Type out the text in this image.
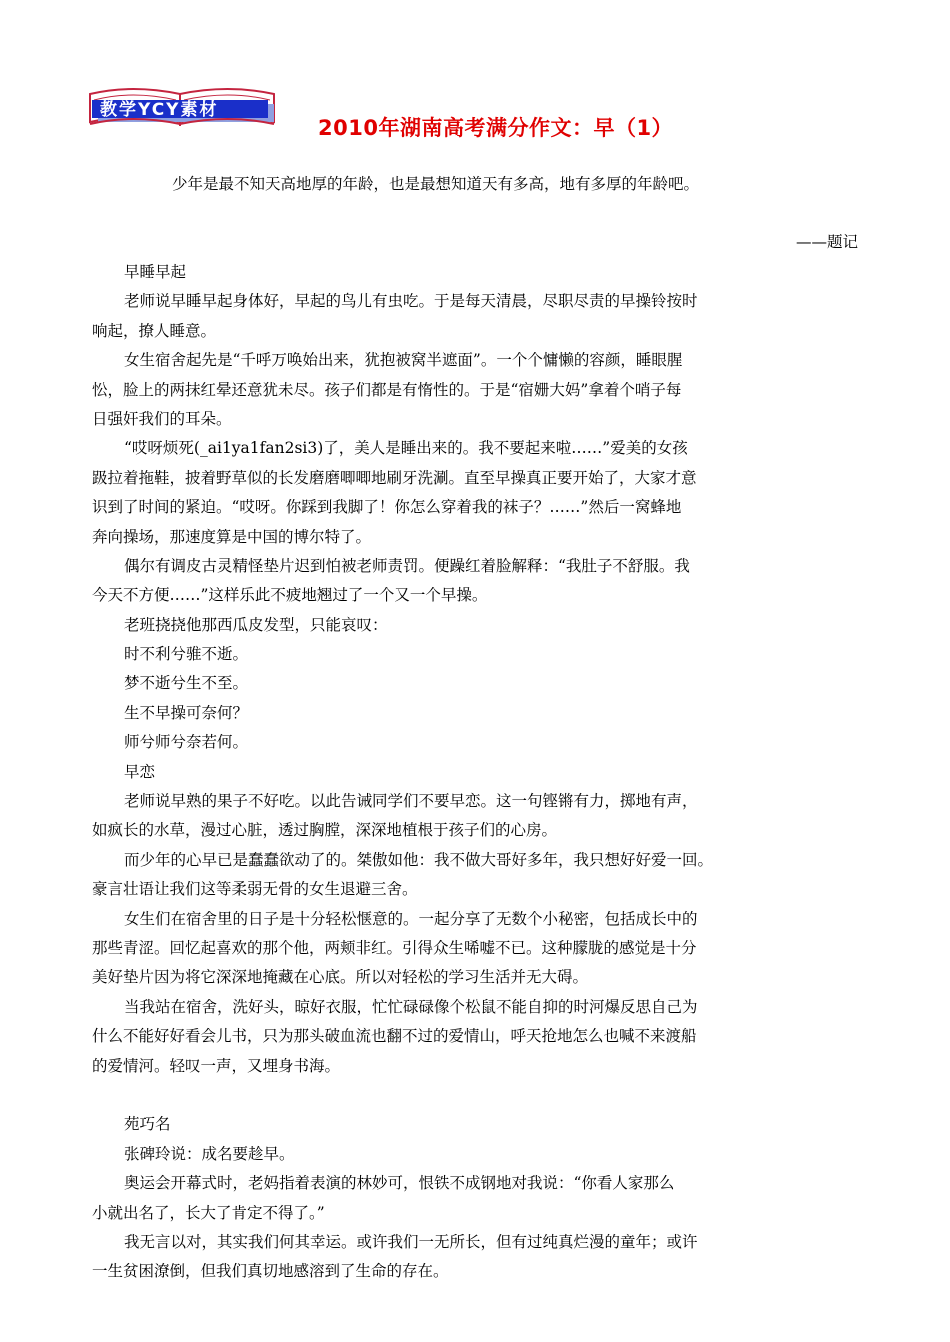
教学YCY素材
2010年湖南高考满分作文：早（1）
少年是最不知天高地厚的年龄，也是最想知道天有多高，地有多厚的年龄吧。
——题记
早睡早起
老师说早睡早起身体好，早起的鸟儿有虫吃。于是每天清晨，尽职尽责的早操铃按时
响起，撩人睡意。
女生宿舍起先是“千呼万唤始出来，犹抱被窝半遮面”。一个个慵懒的容颜，睡眼腥
忪，脸上的两抹红晕还意犹未尽。孩子们都是有惰性的。于是“宿姗大妈”拿着个哨子每
日强奸我们的耳朵。
“哎呀烦死(_ai1ya1fan2si3)了，美人是睡出来的。我不要起来啦……”爱美的女孩
趿拉着拖鞋，披着野草似的长发磨磨唧唧地刷牙洗涮。直至早操真正要开始了，大家才意
识到了时间的紧迫。“哎呀。你踩到我脚了！你怎么穿着我的袜子？……”然后一窝蜂地
奔向操场，那速度算是中国的博尔特了。
偶尔有调皮古灵精怪垫片迟到怕被老师责罚。便躁红着脸解释：“我肚子不舒服。我
今天不方便……”这样乐此不疲地翘过了一个又一个早操。
老班挠挠他那西瓜皮发型，只能哀叹：
时不利兮骓不逝。
梦不逝兮生不至。
生不早操可奈何？
师兮师兮奈若何。
早恋
老师说早熟的果子不好吃。以此告诫同学们不要早恋。这一句铿锵有力，掷地有声，
如疯长的水草，漫过心脏，透过胸膛，深深地植根于孩子们的心房。
而少年的心早已是蠢蠢欲动了的。桀傲如他：我不做大哥好多年，我只想好好爱一回。
豪言壮语让我们这等柔弱无骨的女生退避三舍。
女生们在宿舍里的日子是十分轻松惬意的。一起分享了无数个小秘密，包括成长中的
那些青涩。回忆起喜欢的那个他，两颊非红。引得众生唏嘘不已。这种朦胧的感觉是十分
美好垫片因为将它深深地掩藏在心底。所以对轻松的学习生活并无大碍。
当我站在宿舍，洗好头，晾好衣服，忙忙碌碌像个松鼠不能自抑的时河爆反思自己为
什么不能好好看会儿书，只为那头破血流也翻不过的爱情山，呼天抢地怎么也喊不来渡船
的爱情河。轻叹一声，又埋身书海。
苑巧名
张碑玲说：成名要趁早。
奥运会开幕式时，老妈指着表演的林妙可，恨铁不成钢地对我说：“你看人家那么
小就出名了，长大了肯定不得了。”
我无言以对，其实我们何其幸运。或许我们一无所长，但有过纯真烂漫的童年；或许
一生贫困潦倒，但我们真切地感溶到了生命的存在。
